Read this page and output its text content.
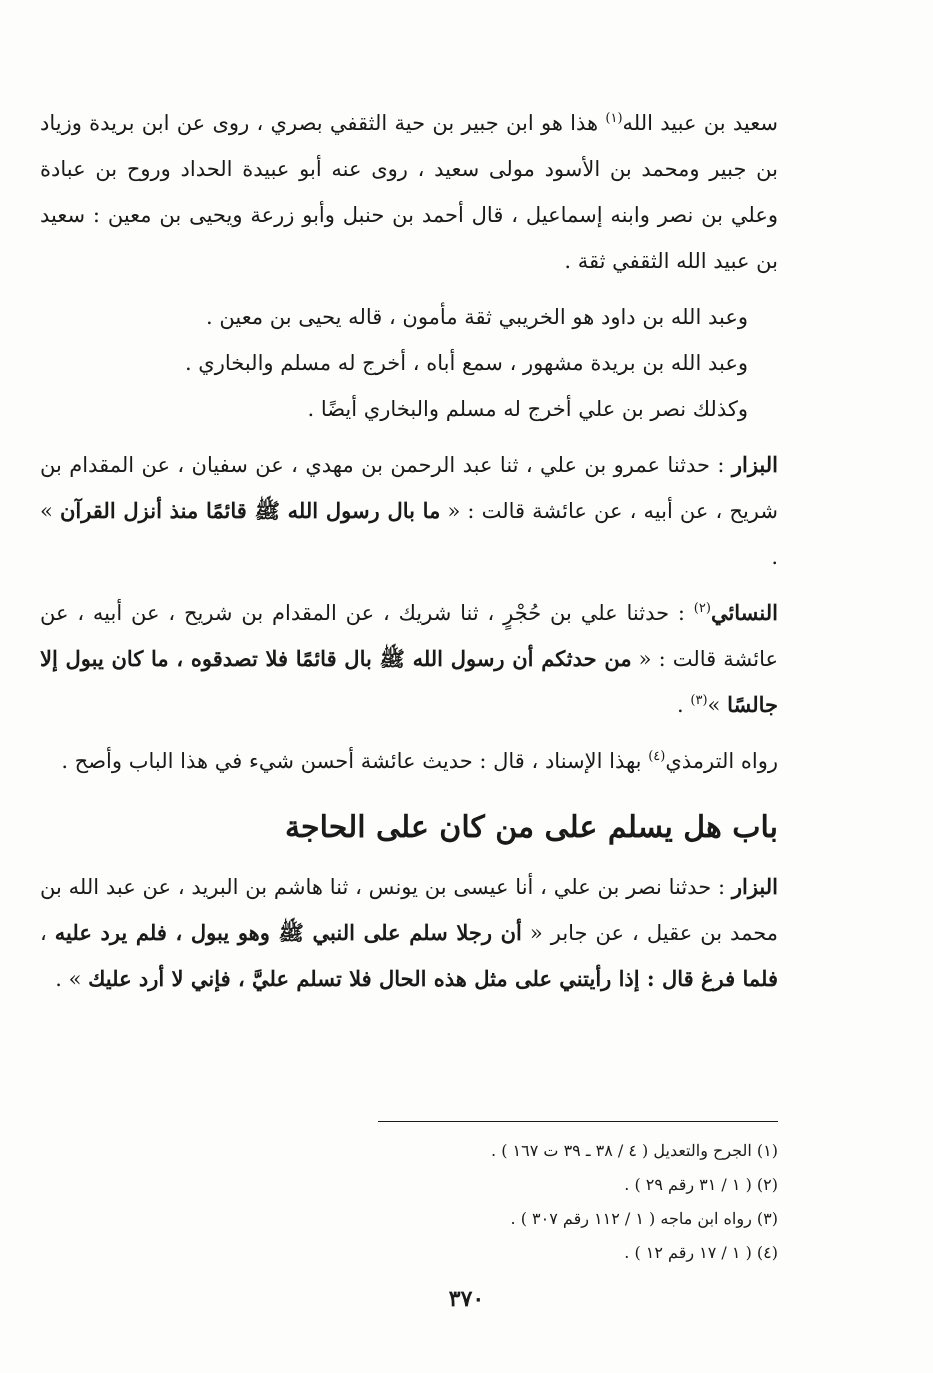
سعيد بن عبيد الله$^{(١)}$ هذا هو ابن جبير بن حية الثقفي بصري ، روى عن ابن بريدة وزياد بن جبير ومحمد بن الأسود مولى سعيد ، روى عنه أبو عبيدة الحداد وروح بن عبادة وعلي بن نصر وابنه إسماعيل ، قال أحمد بن حنبل وأبو زرعة ويحيى بن معين : سعيد بن عبيد الله الثقفي ثقة .

وعبد الله بن داود هو الخريبي ثقة مأمون ، قاله يحيى بن معين .

وعبد الله بن بريدة مشهور ، سمع أباه ، أخرج له مسلم والبخاري .

وكذلك نصر بن علي أخرج له مسلم والبخاري أيضًا .

البزار : حدثنا عمرو بن علي ، ثنا عبد الرحمن بن مهدي ، عن سفيان ، عن المقدام بن شريح ، عن أبيه ، عن عائشة قالت : « ما بال رسول الله ﷺ قائمًا منذ أنزل القرآن » .

النسائي$^{(٢)}$ : حدثنا علي بن حُجْرٍ ، ثنا شريك ، عن المقدام بن شريح ، عن أبيه ، عن عائشة قالت : « من حدثكم أن رسول الله ﷺ بال قائمًا فلا تصدقوه ، ما كان يبول إلا جالسًا »$^{(٣)}$ .

رواه الترمذي$^{(٤)}$ بهذا الإسناد ، قال : حديث عائشة أحسن شيء في هذا الباب وأصح .

باب هل يسلم على من كان على الحاجة

البزار : حدثنا نصر بن علي ، أنا عيسى بن يونس ، ثنا هاشم بن البريد ، عن عبد الله بن محمد بن عقيل ، عن جابر « أن رجلا سلم على النبي ﷺ وهو يبول ، فلم يرد عليه ، فلما فرغ قال : إذا رأيتني على مثل هذه الحال فلا تسلم عليَّ ، فإني لا أرد عليك » .

(١) الجرح والتعديل ( ٤ / ٣٨ ـ ٣٩ ت ١٦٧ ) .

(٢) ( ١ / ٣١ رقم ٢٩ ) .

(٣) رواه ابن ماجه ( ١ / ١١٢ رقم ٣٠٧ ) .

(٤) ( ١ / ١٧ رقم ١٢ ) .

٣٧٠
